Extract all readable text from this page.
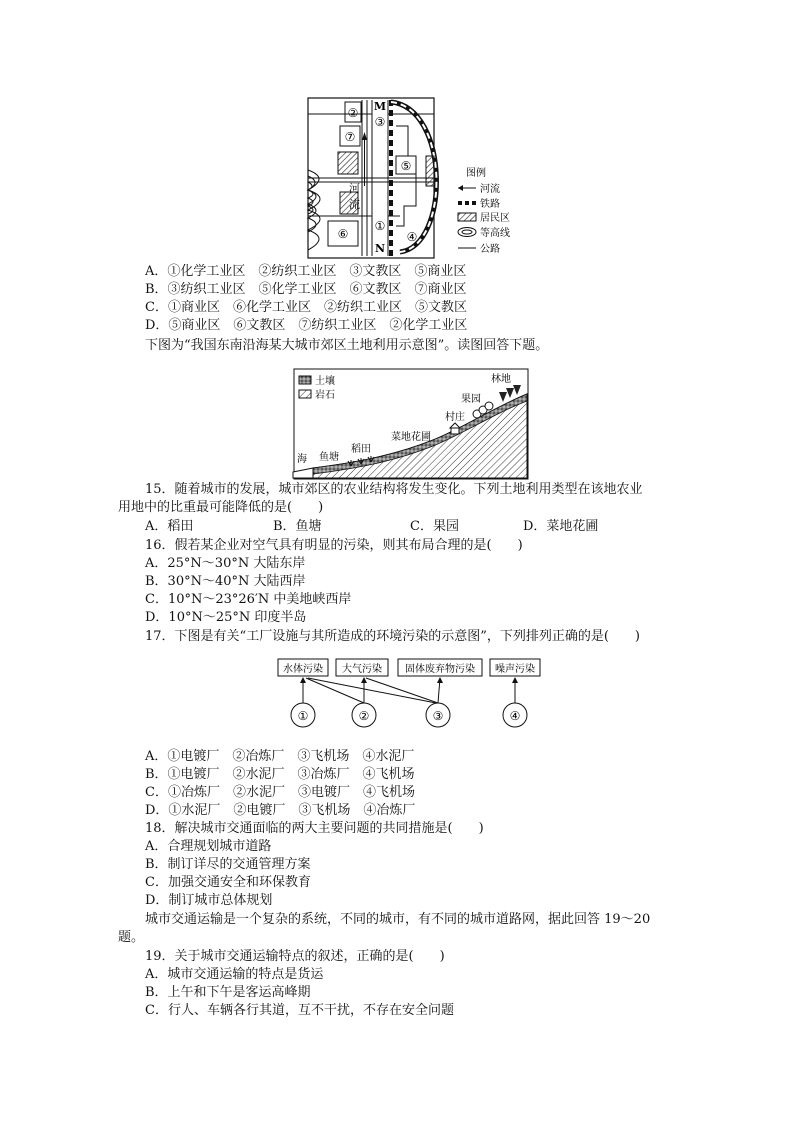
②
⑦
⑥
河
流
M
③
①
N
⑤
④
图例
河流
铁路
居民区
等高线
公路
A．①化学工业区　②纺织工业区　③文教区　⑤商业区
B．③纺织工业区　⑤化学工业区　⑥文教区　⑦商业区
C．①商业区　⑥化学工业区　②纺织工业区　⑤文教区
D．⑤商业区　⑥文教区　⑦纺织工业区　②化学工业区
下图为“我国东南沿海某大城市郊区土地利用示意图”。读图回答下题。
土壤
岩石
海 鱼塘
稻田
菜地花圃
村庄
果园
林地
15．随着城市的发展，城市郊区的农业结构将发生变化。下列土地利用类型在该地农业
用地中的比重最可能降低的是(　　)
A．稻田	B．鱼塘	C．果园	D．菜地花圃
16．假若某企业对空气具有明显的污染，则其布局合理的是(　　)
A．25°N～30°N 大陆东岸
B．30°N～40°N 大陆西岸
C．10°N～23°26′N 中美地峡西岸
D．10°N～25°N 印度半岛
17．下图是有关“工厂设施与其所造成的环境污染的示意图”，下列排列正确的是(　　)
水体污染 大气污染 固体废弃物污染 噪声污染
①	②	③	④
A．①电镀厂　②冶炼厂　③飞机场　④水泥厂
B．①电镀厂　②水泥厂　③冶炼厂　④飞机场
C．①冶炼厂　②水泥厂　③电镀厂　④飞机场
D．①水泥厂　②电镀厂　③飞机场　④冶炼厂
18．解决城市交通面临的两大主要问题的共同措施是(　　)
A．合理规划城市道路
B．制订详尽的交通管理方案
C．加强交通安全和环保教育
D．制订城市总体规划
城市交通运输是一个复杂的系统，不同的城市，有不同的城市道路网，据此回答 19～20
题。
19．关于城市交通运输特点的叙述，正确的是(　　)
A．城市交通运输的特点是货运
B．上午和下午是客运高峰期
C．行人、车辆各行其道，互不干扰，不存在安全问题
